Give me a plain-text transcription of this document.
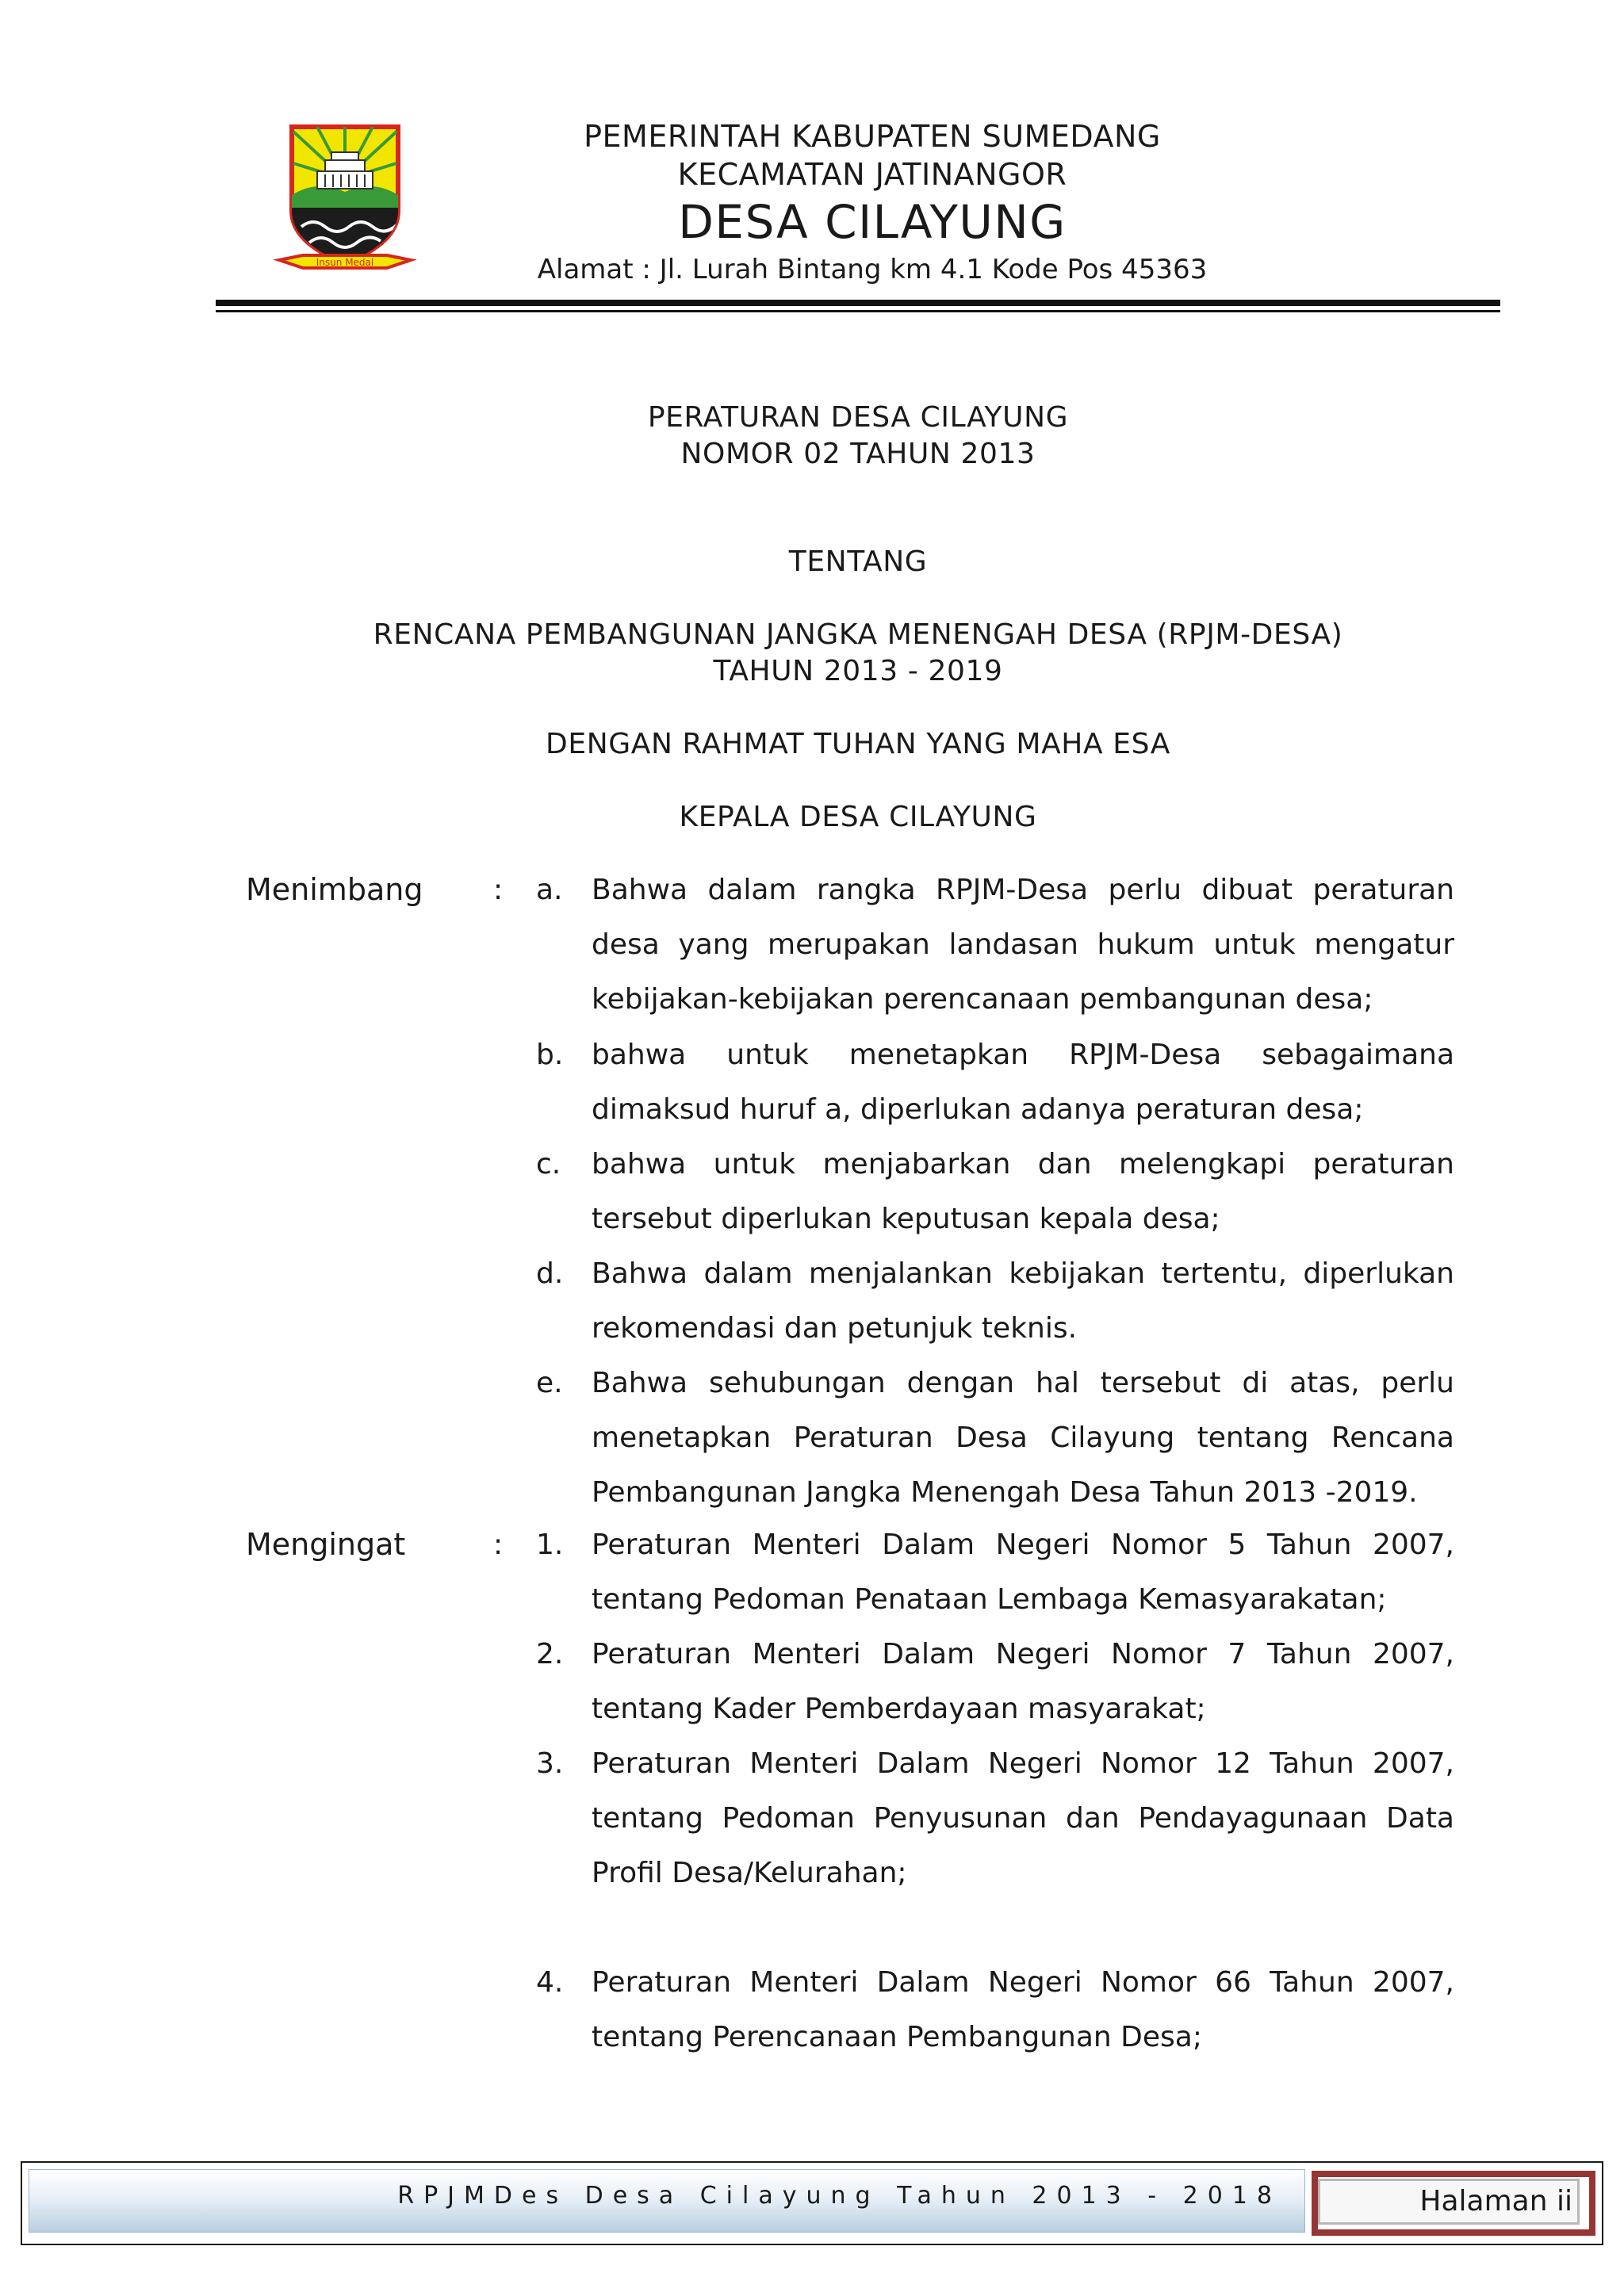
Insun Medal
PEMERINTAH KABUPATEN SUMEDANG
KECAMATAN JATINANGOR
DESA CILAYUNG
Alamat : Jl. Lurah Bintang km 4.1 Kode Pos 45363
PERATURAN DESA CILAYUNG
NOMOR 02 TAHUN 2013
TENTANG
RENCANA PEMBANGUNAN JANGKA MENENGAH DESA (RPJM-DESA)
TAHUN 2013 - 2019
DENGAN RAHMAT TUHAN YANG MAHA ESA
KEPALA DESA CILAYUNG
Menimbang : a. Bahwa dalam rangka RPJM-Desa perlu dibuat peraturan desa yang merupakan landasan hukum untuk mengatur kebijakan-kebijakan perencanaan pembangunan desa;
b. bahwa untuk menetapkan RPJM-Desa sebagaimana dimaksud huruf a, diperlukan adanya peraturan desa;
c. bahwa untuk menjabarkan dan melengkapi peraturan tersebut diperlukan keputusan kepala desa;
d. Bahwa dalam menjalankan kebijakan tertentu, diperlukan rekomendasi dan petunjuk teknis.
e. Bahwa sehubungan dengan hal tersebut di atas, perlu menetapkan Peraturan Desa Cilayung tentang Rencana Pembangunan Jangka Menengah Desa Tahun 2013 -2019.
Mengingat	: 1. Peraturan Menteri Dalam Negeri Nomor 5 Tahun 2007, tentang Pedoman Penataan Lembaga Kemasyarakatan;
2. Peraturan Menteri Dalam Negeri Nomor 7 Tahun 2007, tentang Kader Pemberdayaan masyarakat;
3. Peraturan Menteri Dalam Negeri Nomor 12 Tahun 2007, tentang Pedoman Penyusunan dan Pendayagunaan Data Profil Desa/Kelurahan;
4. Peraturan Menteri Dalam Negeri Nomor 66 Tahun 2007, tentang Perencanaan Pembangunan Desa;
RPJMDes Desa Cilayung Tahun 2013 - 2018	Halaman ii
